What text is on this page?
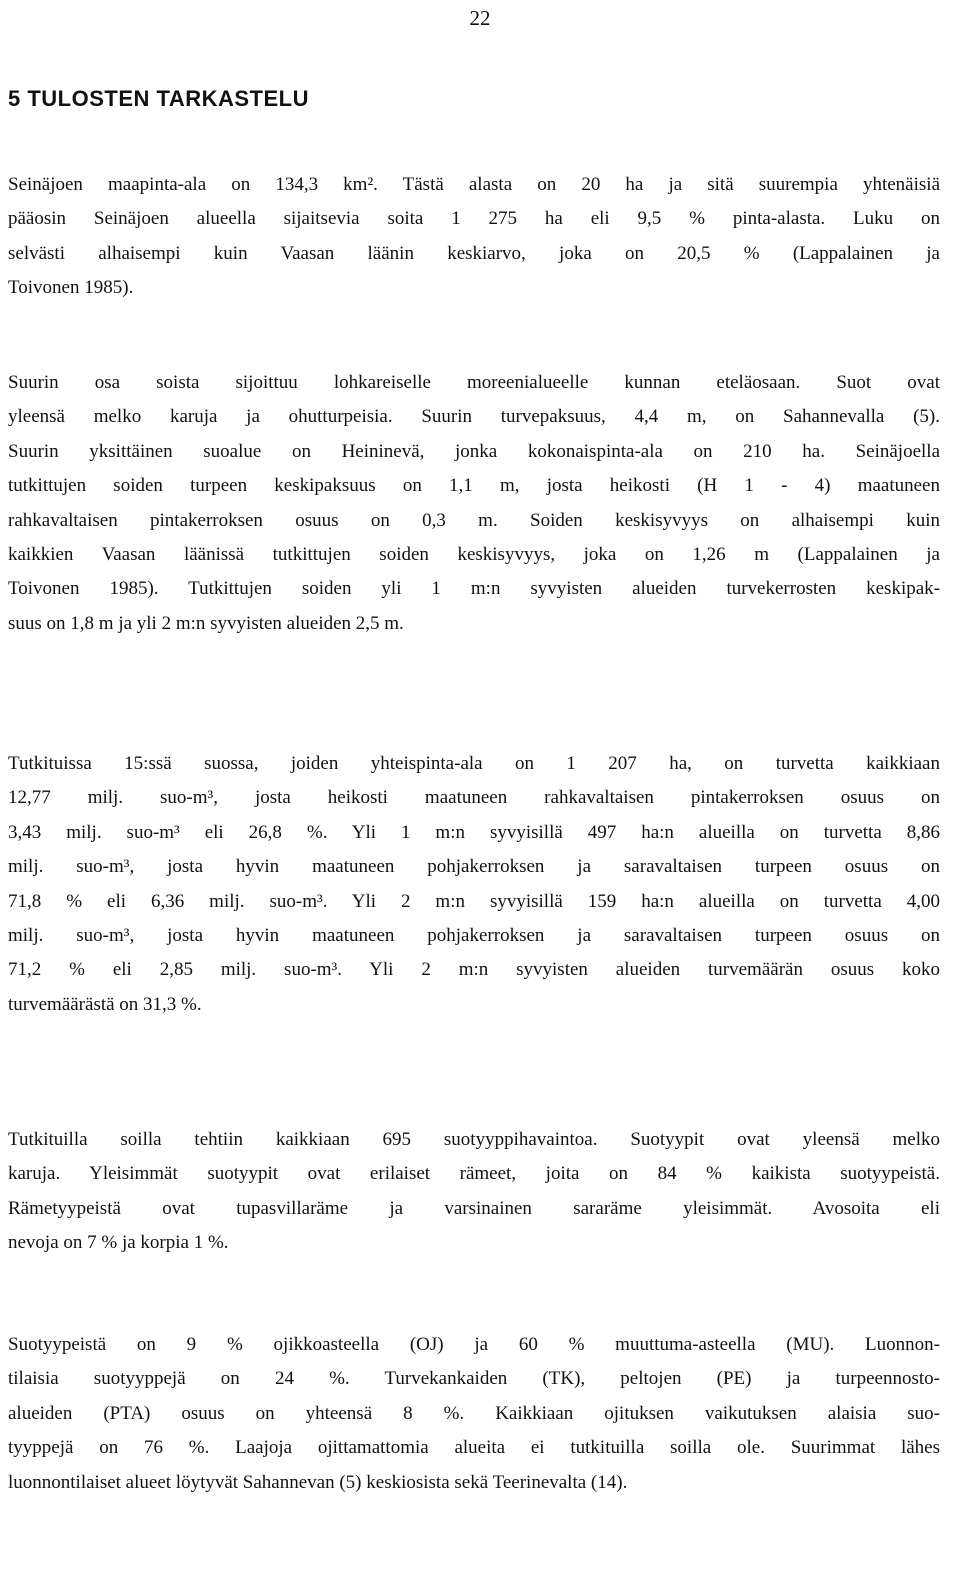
22
5 TULOSTEN TARKASTELU
Seinäjoen maapinta-ala on 134,3 km². Tästä alasta on 20 ha ja sitä suurempia yhtenäisiä
pääosin Seinäjoen alueella sijaitsevia soita 1 275 ha eli 9,5 % pinta-alasta. Luku on
selvästi alhaisempi kuin Vaasan läänin keskiarvo, joka on 20,5 % (Lappalainen ja
Toivonen 1985).
Suurin osa soista sijoittuu lohkareiselle moreenialueelle kunnan eteläosaan. Suot ovat
yleensä melko karuja ja ohutturpeisia. Suurin turvepaksuus, 4,4 m, on Sahannevalla (5).
Suurin yksittäinen suoalue on Heininevä, jonka kokonaispinta-ala on 210 ha. Seinäjoella
tutkittujen soiden turpeen keskipaksuus on 1,1 m, josta heikosti (H 1 - 4) maatuneen
rahkavaltaisen pintakerroksen osuus on 0,3 m. Soiden keskisyvyys on alhaisempi kuin
kaikkien Vaasan läänissä tutkittujen soiden keskisyvyys, joka on 1,26 m (Lappalainen ja
Toivonen 1985). Tutkittujen soiden yli 1 m:n syvyisten alueiden turvekerrosten keskipak-
suus on 1,8 m ja yli 2 m:n syvyisten alueiden 2,5 m.
Tutkituissa 15:ssä suossa, joiden yhteispinta-ala on 1 207 ha, on turvetta kaikkiaan
12,77 milj. suo-m³, josta heikosti maatuneen rahkavaltaisen pintakerroksen osuus on
3,43 milj. suo-m³ eli 26,8 %. Yli 1 m:n syvyisillä 497 ha:n alueilla on turvetta 8,86
milj. suo-m³, josta hyvin maatuneen pohjakerroksen ja saravaltaisen turpeen osuus on
71,8 % eli 6,36 milj. suo-m³. Yli 2 m:n syvyisillä 159 ha:n alueilla on turvetta 4,00
milj. suo-m³, josta hyvin maatuneen pohjakerroksen ja saravaltaisen turpeen osuus on
71,2 % eli 2,85 milj. suo-m³. Yli 2 m:n syvyisten alueiden turvemäärän osuus koko
turvemäärästä on 31,3 %.
Tutkituilla soilla tehtiin kaikkiaan 695 suotyyppihavaintoa. Suotyypit ovat yleensä melko
karuja. Yleisimmät suotyypit ovat erilaiset rämeet, joita on 84 % kaikista suotyypeistä.
Rämetyypeistä ovat tupasvillaräme ja varsinainen sararäme yleisimmät. Avosoita eli
nevoja on 7 % ja korpia 1 %.
Suotyypeistä on 9 % ojikkoasteella (OJ) ja 60 % muuttuma-asteella (MU). Luonnon-
tilaisia suotyyppejä on 24 %. Turvekankaiden (TK), peltojen (PE) ja turpeennosto-
alueiden (PTA) osuus on yhteensä 8 %. Kaikkiaan ojituksen vaikutuksen alaisia suo-
tyyppejä on 76 %. Laajoja ojittamattomia alueita ei tutkituilla soilla ole. Suurimmat lähes
luonnontilaiset alueet löytyvät Sahannevan (5) keskiosista sekä Teerinevalta (14).
